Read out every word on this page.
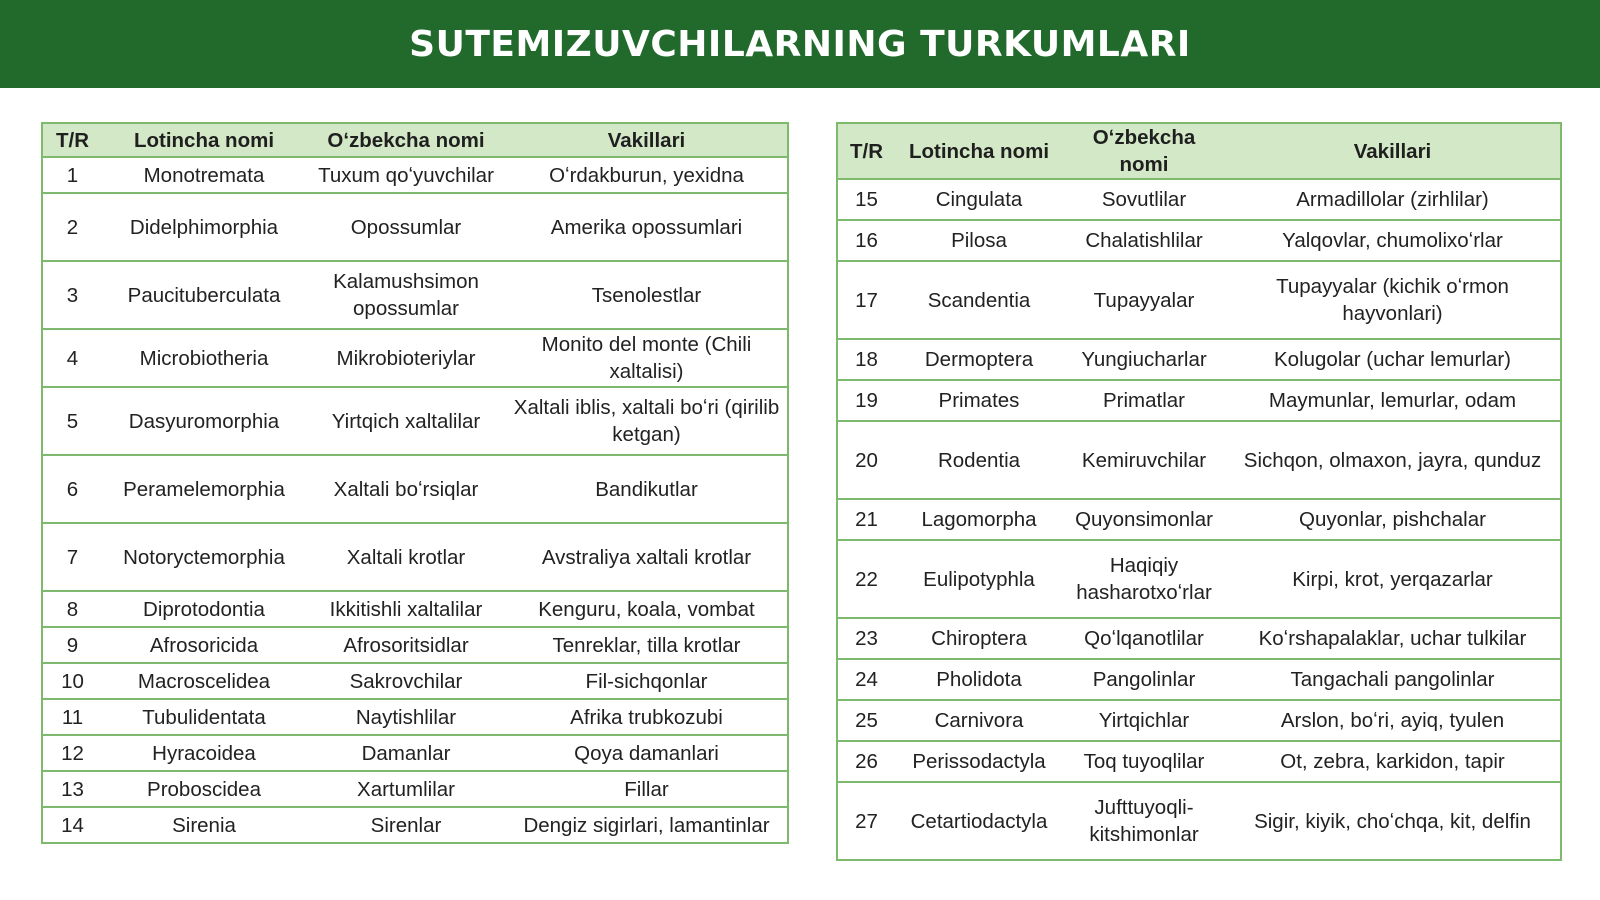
SUTEMIZUVCHILARNING TURKUMLARI
T/R	Lotincha nomi	Oʻzbekcha nomi	Vakillari
1	Monotremata	Tuxum qoʻyuvchilar	Oʻrdakburun, yexidna
2	Didelphimorphia	Opossumlar	Amerika opossumlari
3	Paucituberculata	Kalamushsimon opossumlar	Tsenolestlar
4	Microbiotheria	Mikrobioteriylar	Monito del monte (Chili xaltalisi)
5	Dasyuromorphia	Yirtqich xaltalilar	Xaltali iblis, xaltali boʻri (qirilib ketgan)
6	Peramelemorphia	Xaltali boʻrsiqlar	Bandikutlar
7	Notoryctemorphia	Xaltali krotlar	Avstraliya xaltali krotlar
8	Diprotodontia	Ikkitishli xaltalilar	Kenguru, koala, vombat
9	Afrosoricida	Afrosoritsidlar	Tenreklar, tilla krotlar
10	Macroscelidea	Sakrovchilar	Fil-sichqonlar
11	Tubulidentata	Naytishlilar	Afrika trubkozubi
12	Hyracoidea	Damanlar	Qoya damanlari
13	Proboscidea	Xartumlilar	Fillar
14	Sirenia	Sirenlar	Dengiz sigirlari, lamantinlar
T/R	Lotincha nomi	Oʻzbekcha nomi	Vakillari
15	Cingulata	Sovutlilar	Armadillolar (zirhlilar)
16	Pilosa	Chalatishlilar	Yalqovlar, chumolixoʻrlar
17	Scandentia	Tupayyalar	Tupayyalar (kichik oʻrmon hayvonlari)
18	Dermoptera	Yungiucharlar	Kolugolar (uchar lemurlar)
19	Primates	Primatlar	Maymunlar, lemurlar, odam
20	Rodentia	Kemiruvchilar	Sichqon, olmaxon, jayra, qunduz
21	Lagomorpha	Quyonsimonlar	Quyonlar, pishchalar
22	Eulipotyphla	Haqiqiy hasharotxoʻrlar	Kirpi, krot, yerqazarlar
23	Chiroptera	Qoʻlqanotlilar	Koʻrshapalaklar, uchar tulkilar
24	Pholidota	Pangolinlar	Tangachali pangolinlar
25	Carnivora	Yirtqichlar	Arslon, boʻri, ayiq, tyulen
26	Perissodactyla	Toq tuyoqlilar	Ot, zebra, karkidon, tapir
27	Cetartiodactyla	Jufttuyoqli-kitshimonlar	Sigir, kiyik, choʻchqa, kit, delfin
